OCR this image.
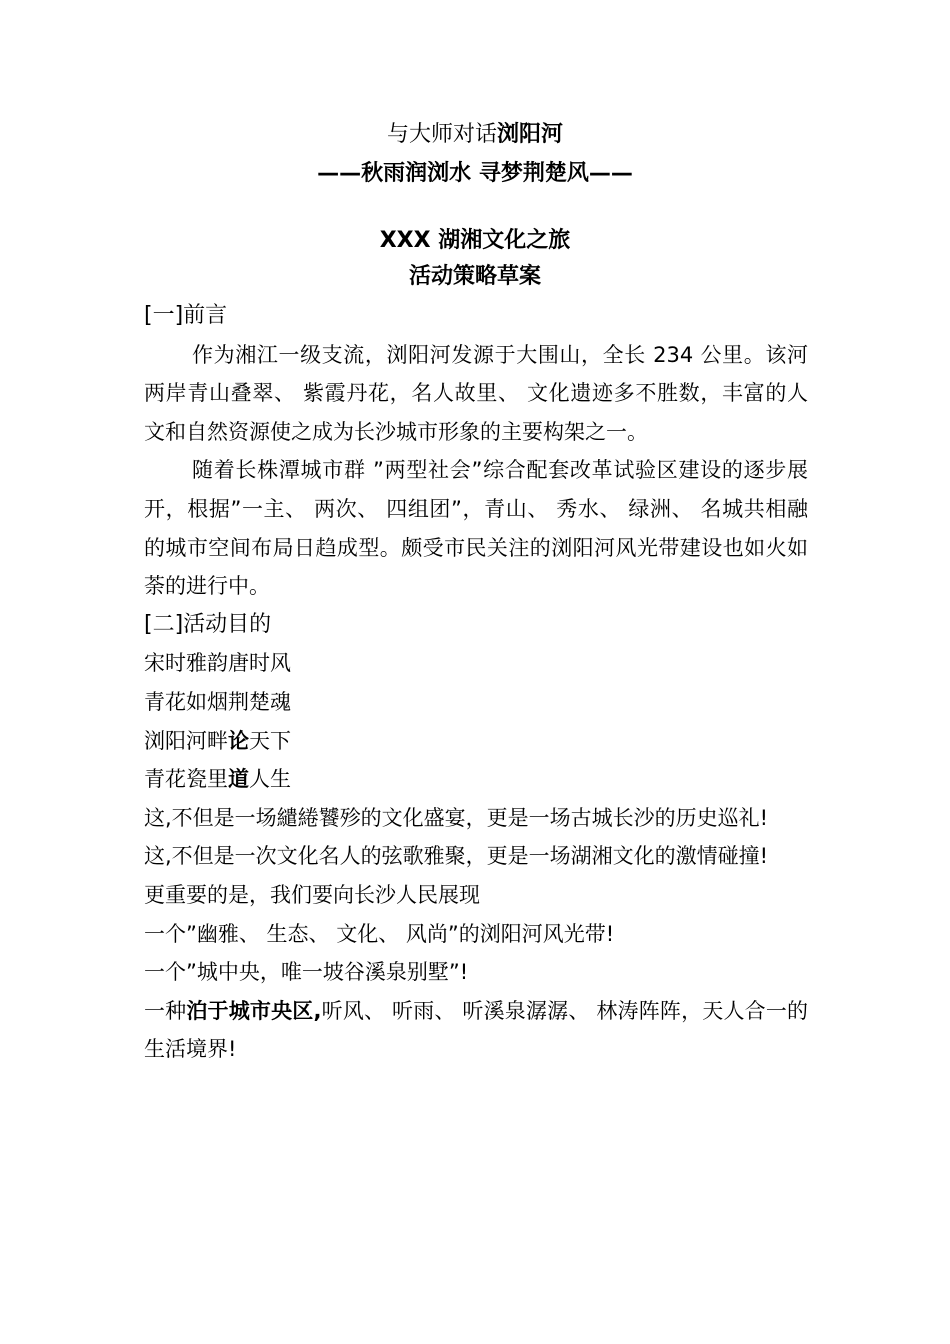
与大师对话浏阳河
——秋雨润浏水 寻梦荆楚风——
XXX 湖湘文化之旅
活动策略草案

[一]前言

作为湘江一级支流，浏阳河发源于大围山，全长 234 公里。该河两岸青山叠翠、 紫霞丹花，名人故里、 文化遗迹多不胜数，丰富的人文和自然资源使之成为长沙城市形象的主要构架之一。

随着长株潭城市群 ”两型社会”综合配套改革试验区建设的逐步展开，根据”一主、 两次、 四组团”，青山、 秀水、 绿洲、 名城共相融的城市空间布局日趋成型。颇受市民关注的浏阳河风光带建设也如火如荼的进行中。

[二]活动目的

宋时雅韵唐时风

青花如烟荆楚魂

浏阳河畔论天下

青花瓷里道人生

这,不但是一场繾綣饕殄的文化盛宴，更是一场古城长沙的历史巡礼!

这,不但是一次文化名人的弦歌雅聚，更是一场湖湘文化的激情碰撞!

更重要的是，我们要向长沙人民展现

一个”幽雅、 生态、 文化、 风尚”的浏阳河风光带!

一个”城中央，唯一坡谷溪泉别墅”!

一种泊于城市央区,听风、 听雨、 听溪泉潺潺、 林涛阵阵，天人合一的生活境界!
